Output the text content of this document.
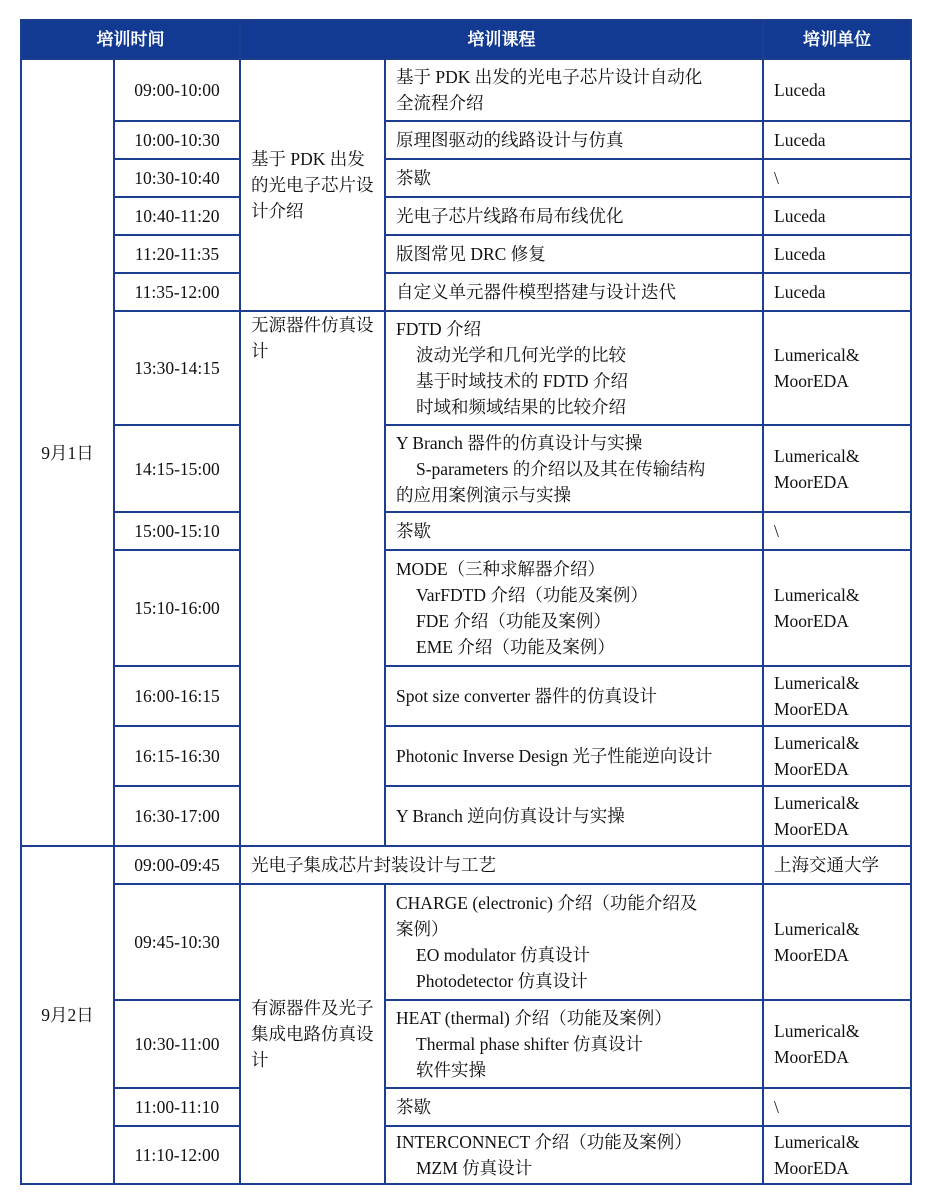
培训时间		培训课程		培训单位
9月1日	09:00-10:00	基于 PDK 出发的光电子芯片设计介绍	基于 PDK 出发的光电子芯片设计自动化
全流程介绍	Luceda
	10:00-10:30		原理图驱动的线路设计与仿真	Luceda
	10:30-10:40		茶歇	\
	10:40-11:20		光电子芯片线路布局布线优化	Luceda
	11:20-11:35		版图常见 DRC 修复	Luceda
	11:35-12:00		自定义单元器件模型搭建与设计迭代	Luceda
	13:30-14:15	无源器件仿真设计	FDTD 介绍
波动光学和几何光学的比较
基于时域技术的 FDTD 介绍
时域和频域结果的比较介绍	Lumerical&
MoorEDA

	14:15-15:00		Y Branch 器件的仿真设计与实操
S-parameters 的介绍以及其在传输结构
的应用案例演示与实操	Lumerical&
MoorEDA

	15:00-15:10		茶歇	\
	15:10-16:00		MODE（三种求解器介绍）
VarFDTD 介绍（功能及案例）
FDE 介绍（功能及案例）
EME 介绍（功能及案例）	Lumerical&
MoorEDA

	16:00-16:15		Spot size converter 器件的仿真设计	Lumerical&
MoorEDA

	16:15-16:30		Photonic Inverse Design 光子性能逆向设计	Lumerical&
MoorEDA

	16:30-17:00		Y Branch 逆向仿真设计与实操	Lumerical&
MoorEDA

9月2日	09:00-09:45	光电子集成芯片封装设计与工艺		上海交通大学
	09:45-10:30	有源器件及光子集成电路仿真设计	CHARGE (electronic) 介绍（功能介绍及
案例）
EO modulator 仿真设计
Photodetector 仿真设计	Lumerical&
MoorEDA

	10:30-11:00		HEAT (thermal) 介绍（功能及案例）
Thermal phase shifter 仿真设计
软件实操	Lumerical&
MoorEDA

	11:00-11:10		茶歇	\
	11:10-12:00		INTERCONNECT 介绍（功能及案例）
MZM 仿真设计	Lumerical&
MoorEDA
